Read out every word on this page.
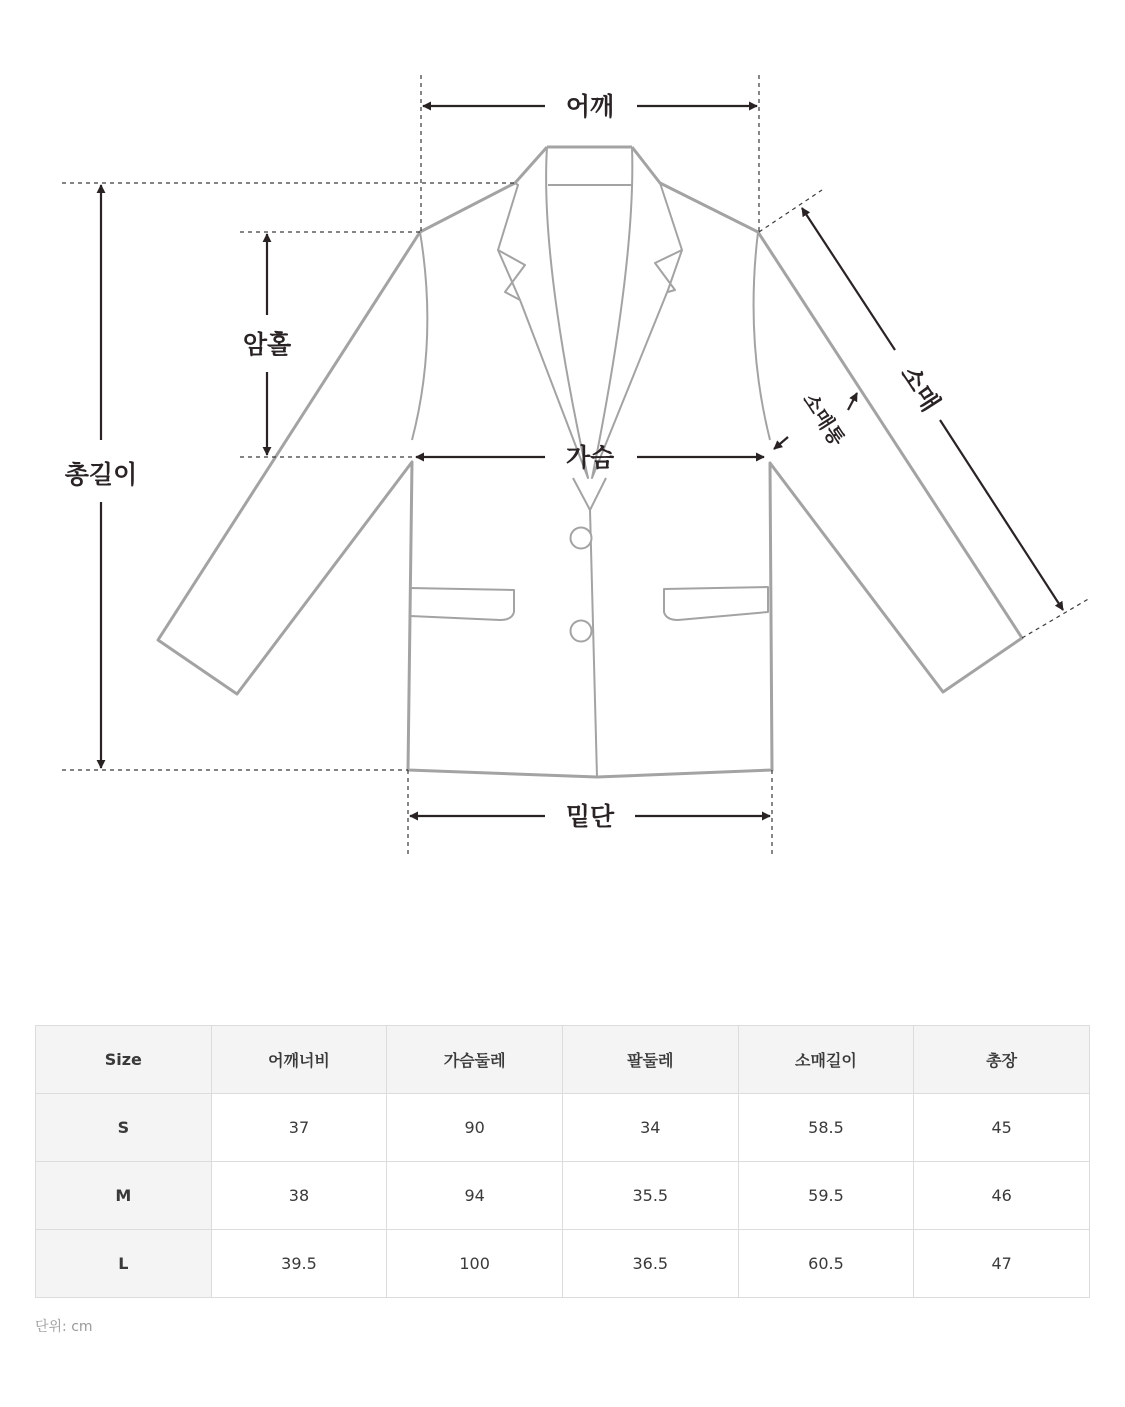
어깨
암홀
총길이
가슴
밑단
소매
소매통
Size	어깨너비	가슴둘레	팔둘레	소매길이	총장
S	37	90	34	58.5	45
M	38	94	35.5	59.5	46
L	39.5	100	36.5	60.5	47
단위: cm
